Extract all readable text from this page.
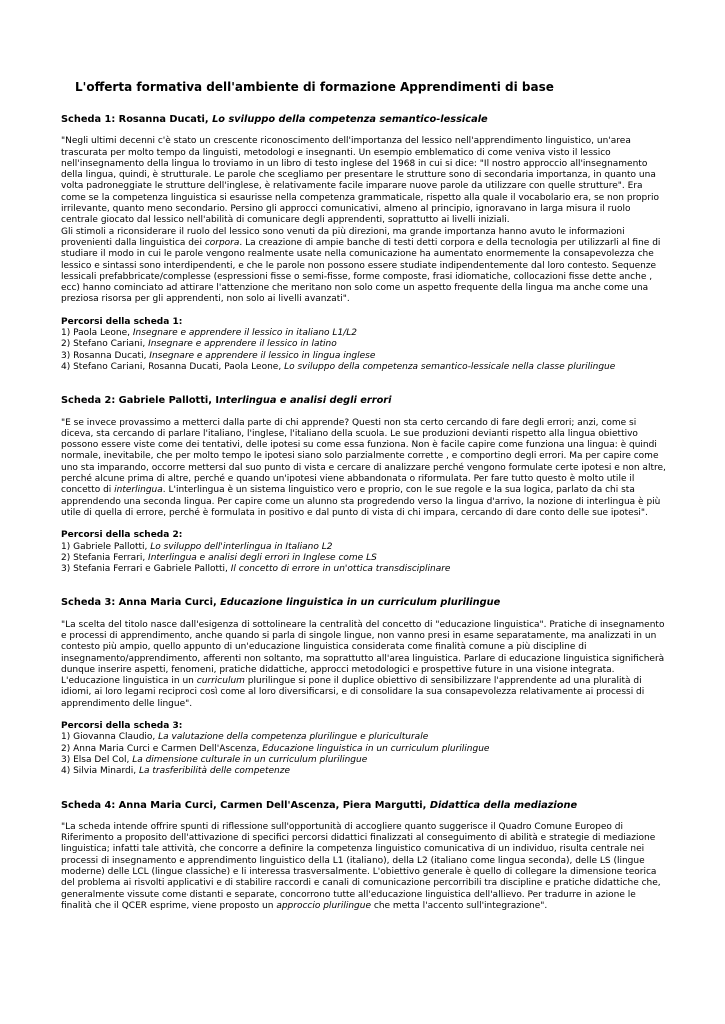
L'offerta formativa dell'ambiente di formazione Apprendimenti di base
Scheda 1: Rosanna Ducati, Lo sviluppo della competenza semantico-lessicale

"Negli ultimi decenni c'è stato un crescente riconoscimento dell'importanza del lessico nell'apprendimento linguistico, un'area trascurata per molto tempo da linguisti, metodologi e insegnanti. Un esempio emblematico di come veniva visto il lessico nell'insegnamento della lingua lo troviamo in un libro di testo inglese del 1968 in cui si dice: "Il nostro approccio all'insegnamento della lingua, quindi, è strutturale. Le parole che scegliamo per presentare le strutture sono di secondaria importanza, in quanto una volta padroneggiate le strutture dell'inglese, è relativamente facile imparare nuove parole da utilizzare con quelle strutture". Era come se la competenza linguistica si esaurisse nella competenza grammaticale, rispetto alla quale il vocabolario era, se non proprio irrilevante, quanto meno secondario. Persino gli approcci comunicativi, almeno al principio, ignoravano in larga misura il ruolo centrale giocato dal lessico nell'abilità di comunicare degli apprendenti, soprattutto ai livelli iniziali.

Gli stimoli a riconsiderare il ruolo del lessico sono venuti da più direzioni, ma grande importanza hanno avuto le informazioni provenienti dalla linguistica dei corpora. La creazione di ampie banche di testi detti corpora e della tecnologia per utilizzarli al fine di studiare il modo in cui le parole vengono realmente usate nella comunicazione ha aumentato enormemente la consapevolezza che lessico e sintassi sono interdipendenti, e che le parole non possono essere studiate indipendentemente dal loro contesto. Sequenze lessicali prefabbricate/complesse (espressioni fisse o semi-fisse, forme composte, frasi idiomatiche, collocazioni fisse dette anche , ecc) hanno cominciato ad attirare l'attenzione che meritano non solo come un aspetto frequente della lingua ma anche come una preziosa risorsa per gli apprendenti, non solo ai livelli avanzati".

Percorsi della scheda 1:

1) Paola Leone, Insegnare e apprendere il lessico in italiano L1/L2
2) Stefano Cariani, Insegnare e apprendere il lessico in latino
3) Rosanna Ducati, Insegnare e apprendere il lessico in lingua inglese
4) Stefano Cariani, Rosanna Ducati, Paola Leone, Lo sviluppo della competenza semantico-lessicale nella classe plurilingue
Scheda 2: Gabriele Pallotti, Interlingua e analisi degli errori

"E se invece provassimo a metterci dalla parte di chi apprende? Questi non sta certo cercando di fare degli errori; anzi, come si diceva, sta cercando di parlare l'italiano, l'inglese, l'italiano della scuola. Le sue produzioni devianti rispetto alla lingua obiettivo possono essere viste come dei tentativi, delle ipotesi su come essa funziona. Non è facile capire come funziona una lingua: è quindi normale, inevitabile, che per molto tempo le ipotesi siano solo parzialmente corrette , e comportino degli errori. Ma per capire come uno sta imparando, occorre mettersi dal suo punto di vista e cercare di analizzare perché vengono formulate certe ipotesi e non altre, perché alcune prima di altre, perché e quando un'ipotesi viene abbandonata o riformulata. Per fare tutto questo è molto utile il concetto di interlingua. L'interlingua è un sistema linguistico vero e proprio, con le sue regole e la sua logica, parlato da chi sta apprendendo una seconda lingua. Per capire come un alunno sta progredendo verso la lingua d'arrivo, la nozione di interlingua è più utile di quella di errore, perché è formulata in positivo e dal punto di vista di chi impara, cercando di dare conto delle sue ipotesi".

Percorsi della scheda 2:

1) Gabriele Pallotti, Lo sviluppo dell'interlingua in Italiano L2
2) Stefania Ferrari, Interlingua e analisi degli errori in Inglese come LS
3) Stefania Ferrari e Gabriele Pallotti, Il concetto di errore in un'ottica transdisciplinare
Scheda 3: Anna Maria Curci, Educazione linguistica in un curriculum plurilingue

"La scelta del titolo nasce dall'esigenza di sottolineare la centralità del concetto di "educazione linguistica". Pratiche di insegnamento e processi di apprendimento, anche quando si parla di singole lingue, non vanno presi in esame separatamente, ma analizzati in un contesto più ampio, quello appunto di un'educazione linguistica considerata come finalità comune a più discipline di insegnamento/apprendimento, afferenti non soltanto, ma soprattutto all'area linguistica. Parlare di educazione linguistica significherà dunque inserire aspetti, fenomeni, pratiche didattiche, approcci metodologici e prospettive future in una visione integrata. L'educazione linguistica in un curriculum plurilingue si pone il duplice obiettivo di sensibilizzare l'apprendente ad una pluralità di idiomi, ai loro legami reciproci così come al loro diversificarsi, e di consolidare la sua consapevolezza relativamente ai processi di apprendimento delle lingue".

Percorsi della scheda 3:

1) Giovanna Claudio, La valutazione della competenza plurilingue e pluriculturale
2) Anna Maria Curci e Carmen Dell'Ascenza, Educazione linguistica in un curriculum plurilingue
3) Elsa Del Col, La dimensione culturale in un curriculum plurilingue
4) Silvia Minardi, La trasferibilità delle competenze
Scheda 4: Anna Maria Curci, Carmen Dell'Ascenza, Piera Margutti, Didattica della mediazione

"La scheda intende offrire spunti di riflessione sull'opportunità di accogliere quanto suggerisce il Quadro Comune Europeo di Riferimento a proposito dell'attivazione di specifici percorsi didattici finalizzati al conseguimento di abilità e strategie di mediazione linguistica; infatti tale attività, che concorre a definire la competenza linguistico comunicativa di un individuo, risulta centrale nei processi di insegnamento e apprendimento linguistico della L1 (italiano), della L2 (italiano come lingua seconda), delle LS (lingue moderne) delle LCL (lingue classiche) e li interessa trasversalmente. L'obiettivo generale è quello di collegare la dimensione teorica del problema ai risvolti applicativi e di stabilire raccordi e canali di comunicazione percorribili tra discipline e pratiche didattiche che, generalmente vissute come distanti e separate, concorrono tutte all'educazione linguistica dell'allievo. Per tradurre in azione le finalità che il QCER esprime, viene proposto un approccio plurilingue che metta l'accento sull'integrazione".
